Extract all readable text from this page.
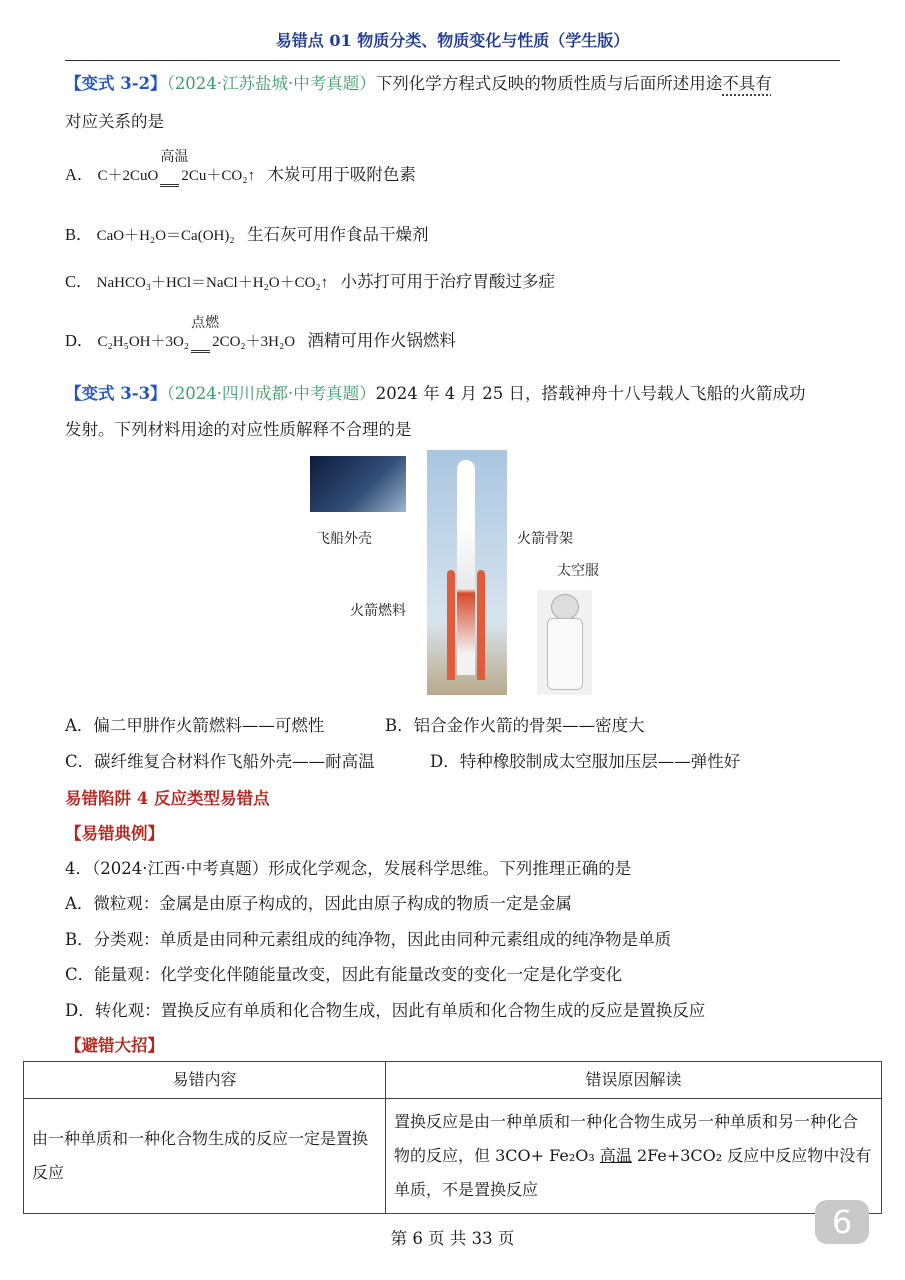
易错点 01 物质分类、物质变化与性质（学生版）
【变式 3-2】（2024·江苏盐城·中考真题）下列化学方程式反映的物质性质与后面所述用途不具有
对应关系的是
A． C＋2CuO
高温
2Cu＋CO₂↑ 木炭可用于吸附色素
B． CaO＋H₂O＝Ca(OH)₂ 生石灰可用作食品干燥剂
C． NaHCO₃＋HCl＝NaCl＋H₂O＋CO₂↑ 小苏打可用于治疗胃酸过多症
D． C₂H₅OH＋3O₂
点燃
2CO₂＋3H₂O 酒精可用作火锅燃料
【变式 3-3】（2024·四川成都·中考真题）2024 年 4 月 25 日，搭载神舟十八号载人飞船的火箭成功
发射。下列材料用途的对应性质解释不合理的是
飞船外壳	火箭骨架
太空服
火箭燃料
A．偏二甲肼作火箭燃料——可燃性	B．铝合金作火箭的骨架——密度大
C．碳纤维复合材料作飞船外壳——耐高温	D．特种橡胶制成太空服加压层——弹性好
易错陷阱 4 反应类型易错点
【易错典例】
4．（2024·江西·中考真题）形成化学观念，发展科学思维。下列推理正确的是
A．微粒观：金属是由原子构成的，因此由原子构成的物质一定是金属
B．分类观：单质是由同种元素组成的纯净物，因此由同种元素组成的纯净物是单质
C．能量观：化学变化伴随能量改变，因此有能量改变的变化一定是化学变化
D．转化观：置换反应有单质和化合物生成，因此有单质和化合物生成的反应是置换反应
【避错大招】
易错内容	错误原因解读
由一种单质和一种化合物生成的反应一定是置换反应	置换反应是由一种单质和一种化合物生成另一种单质和另一种化合物的反应，但 3CO+ Fe₂O₃ 高温 2Fe+3CO₂ 反应中反应物中没有单质，不是置换反应
第 6 页 共 33 页	6
